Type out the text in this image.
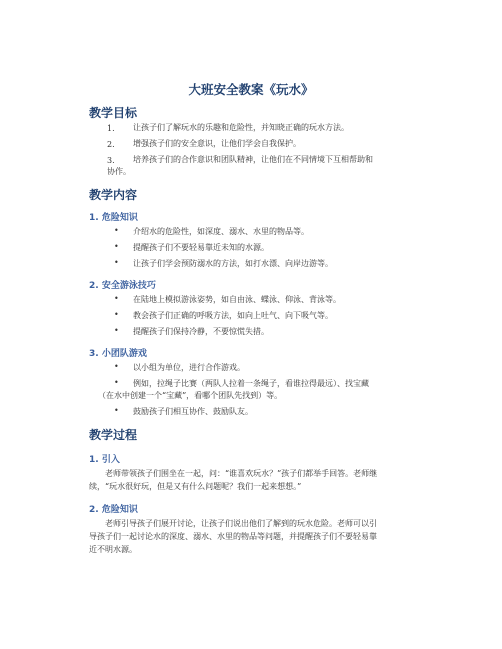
大班安全教案《玩水》
教学目标
1. 让孩子们了解玩水的乐趣和危险性，并知晓正确的玩水方法。
2. 增强孩子们的安全意识，让他们学会自我保护。
3. 培养孩子们的合作意识和团队精神，让他们在不同情境下互相帮助和
协作。
教学内容
1. 危险知识
• 介绍水的危险性，如深度、溺水、水里的物品等。
• 提醒孩子们不要轻易靠近未知的水源。
• 让孩子们学会预防溺水的方法，如打水漂、向岸边游等。
2. 安全游泳技巧
• 在陆地上模拟游泳姿势，如自由泳、蝶泳、仰泳、背泳等。
• 教会孩子们正确的呼吸方法，如向上吐气、向下吸气等。
• 提醒孩子们保持冷静，不要惊慌失措。
3. 小团队游戏
• 以小组为单位，进行合作游戏。
• 例如，拉绳子比赛（两队人拉着一条绳子，看谁拉得最远）、找宝藏
（在水中创建一个“宝藏”，看哪个团队先找到）等。
• 鼓励孩子们相互协作、鼓励队友。
教学过程
1. 引入
老师带领孩子们围坐在一起，问：“谁喜欢玩水？”孩子们都举手回答。老师继
续，“玩水很好玩，但是又有什么问题呢？我们一起来想想。”
2. 危险知识
老师引导孩子们展开讨论，让孩子们说出他们了解到的玩水危险。老师可以引
导孩子们一起讨论水的深度、溺水、水里的物品等问题，并提醒孩子们不要轻易靠
近不明水源。
